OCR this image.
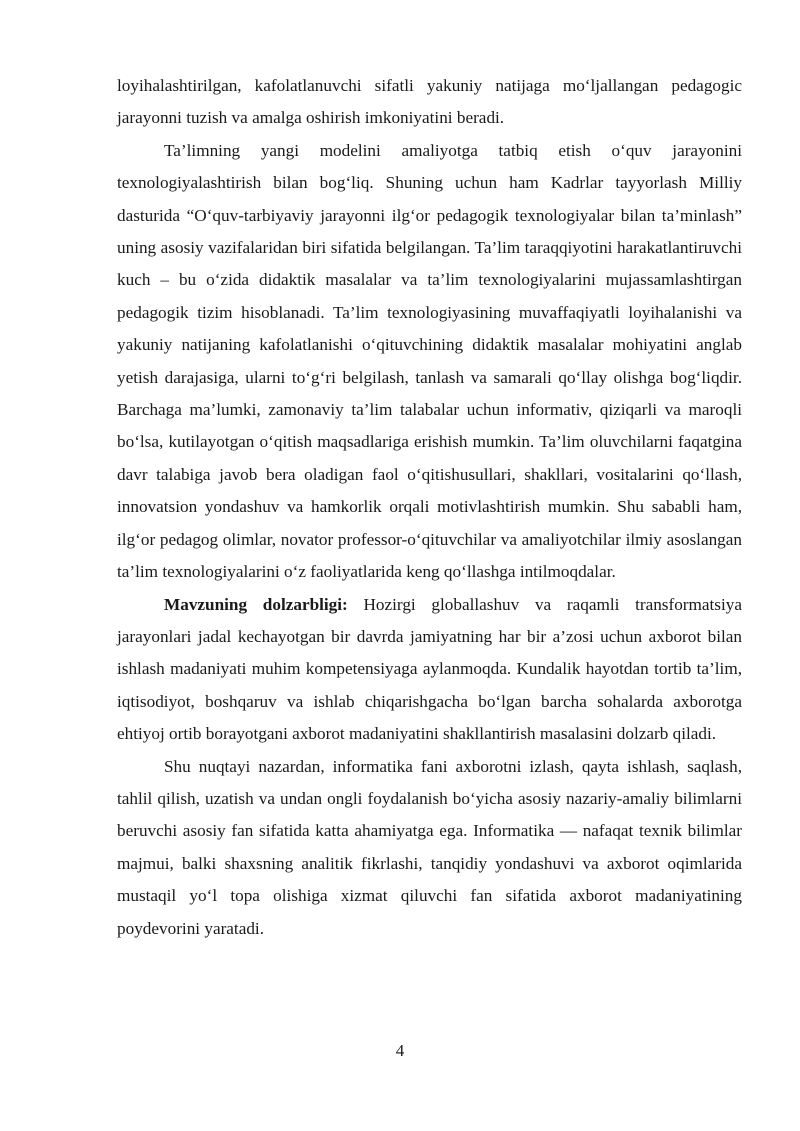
loyihalashtirilgan, kafolatlanuvchi sifatli yakuniy natijaga mo‘ljallangan pedagogic jarayonni tuzish va amalga oshirish imkoniyatini beradi.

Ta’limning yangi modelini amaliyotga tatbiq etish o‘quv jarayonini texnologiyalashtirish bilan bog‘liq. Shuning uchun ham Kadrlar tayyorlash Milliy dasturida “O‘quv-tarbiyaviy jarayonni ilg‘or pedagogik texnologiyalar bilan ta’minlash” uning asosiy vazifalaridan biri sifatida belgilangan. Ta’lim taraqqiyotini harakatlantiruvchi kuch – bu o‘zida didaktik masalalar va ta’lim texnologiyalarini mujassamlashtirgan pedagogik tizim hisoblanadi. Ta’lim texnologiyasining muvaffaqiyatli loyihalanishi va yakuniy natijaning kafolatlanishi o‘qituvchining didaktik masalalar mohiyatini anglab yetish darajasiga, ularni to‘g‘ri belgilash, tanlash va samarali qo‘llay olishga bog‘liqdir. Barchaga ma’lumki, zamonaviy ta’lim talabalar uchun informativ, qiziqarli va maroqli bo‘lsa, kutilayotgan o‘qitish maqsadlariga erishish mumkin. Ta’lim oluvchilarni faqatgina davr talabiga javob bera oladigan faol o‘qitishusullari, shakllari, vositalarini qo‘llash, innovatsion yondashuv va hamkorlik orqali motivlashtirish mumkin. Shu sababli ham, ilg‘or pedagog olimlar, novator professor-o‘qituvchilar va amaliyotchilar ilmiy asoslangan ta’lim texnologiyalarini o‘z faoliyatlarida keng qo‘llashga intilmoqdalar.

Mavzuning dolzarbligi: Hozirgi globallashuv va raqamli transformatsiya jarayonlari jadal kechayotgan bir davrda jamiyatning har bir a’zosi uchun axborot bilan ishlash madaniyati muhim kompetensiyaga aylanmoqda. Kundalik hayotdan tortib ta’lim, iqtisodiyot, boshqaruv va ishlab chiqarishgacha bo‘lgan barcha sohalarda axborotga ehtiyoj ortib borayotgani axborot madaniyatini shakllantirish masalasini dolzarb qiladi.

Shu nuqtayi nazardan, informatika fani axborotni izlash, qayta ishlash, saqlash, tahlil qilish, uzatish va undan ongli foydalanish bo‘yicha asosiy nazariy-amaliy bilimlarni beruvchi asosiy fan sifatida katta ahamiyatga ega. Informatika — nafaqat texnik bilimlar majmui, balki shaxsning analitik fikrlashi, tanqidiy yondashuvi va axborot oqimlarida mustaqil yo‘l topa olishiga xizmat qiluvchi fan sifatida axborot madaniyatining poydevorini yaratadi.

4
